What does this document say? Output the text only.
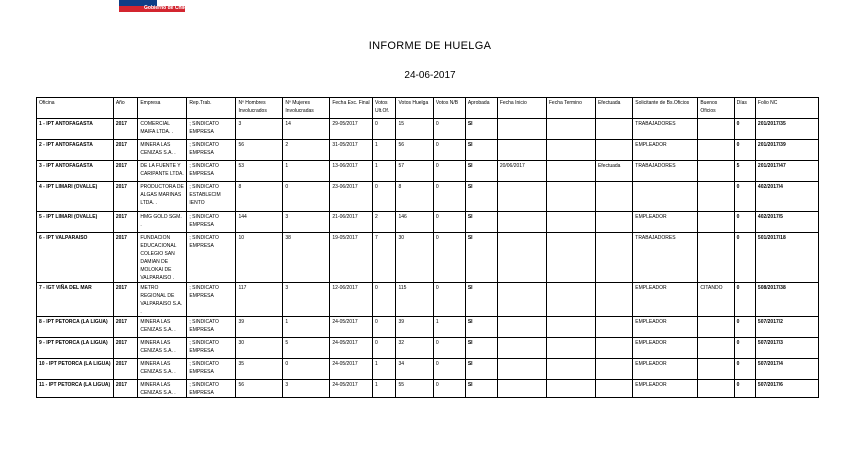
Gobierno de Chile
INFORME DE HUELGA
24-06-2017
Oficina	Año	Empresa	Rep.Trab.	Nº Hombres Involucrados	Nº Mujeres Involucradas	Fecha Exc. Final	Votos Ult.Of.	Votos Huelga	Votos N/B	Aprobada	Fecha Inicio	Fecha Termino	Efectuada	Solicitante de Bs.Oficios	Buenos Oficios	Días	Folio NC
1 - IPT ANTOFAGASTA	2017	COMERCIAL MAIFA LTDA. .	; SINDICATO EMPRESA	3	14	29-05/2017	0	15	0	SI				TRABAJADORES		0	201/2017/35
2 - IPT ANTOFAGASTA	2017	MINERA LAS CENIZAS S.A. .	; SINDICATO EMPRESA	56	2	31-05/2017	1	56	0	SI				EMPLEADOR		0	201/2017/39
3 - IPT ANTOFAGASTA	2017	DE LA FUENTE Y CARIPANTE LTDA.	; SINDICATO EMPRESA	53	1	13-06/2017	1	57	0	SI	20/06/2017		Efectuada	TRABAJADORES		5	201/2017/47
4 - IPT LIMARI (OVALLE)	2017	PRODUCTORA DE ALGAS MARINAS LTDA. .	; SINDICATO ESTABLECIM IENTO	8	0	23-06/2017	0	8	0	SI						0	402/2017/4
5 - IPT LIMARI (OVALLE)	2017	HMG GOLD SGM. .	; SINDICATO EMPRESA	144	3	21-06/2017	2	146	0	SI				EMPLEADOR		0	402/2017/5
6 - IPT VALPARAISO	2017	FUNDACION EDUCACIONAL COLEGIO SAN DAMIAN DE MOLOKAI DE VALPARAISO .	; SINDICATO EMPRESA	10	38	19-05/2017	7	30	0	SI				TRABAJADORES		0	501/2017/18
7 - IGT VIÑA DEL MAR	2017	METRO REGIONAL DE VALPARAISO S.A. .	; SINDICATO EMPRESA	117	3	12-06/2017	0	115	0	SI				EMPLEADOR	CITANDO	0	508/2017/38
8 - IPT PETORCA (LA LIGUA)	2017	MINERA LAS CENIZAS S.A. .	; SINDICATO EMPRESA	39	1	24-05/2017	0	39	1	SI				EMPLEADOR		0	507/2017/2
9 - IPT PETORCA (LA LIGUA)	2017	MINERA LAS CENIZAS S.A. .	; SINDICATO EMPRESA	30	5	24-05/2017	0	32	0	SI				EMPLEADOR		0	507/2017/3
10 - IPT PETORCA (LA LIGUA)	2017	MINERA LAS CENIZAS S.A. .	; SINDICATO EMPRESA	35	0	24-05/2017	1	34	0	SI				EMPLEADOR		0	507/2017/4
11 - IPT PETORCA (LA LIGUA)	2017	MINERA LAS CENIZAS S.A. .	; SINDICATO EMPRESA	56	3	24-05/2017	1	55	0	SI				EMPLEADOR		0	507/2017/6
